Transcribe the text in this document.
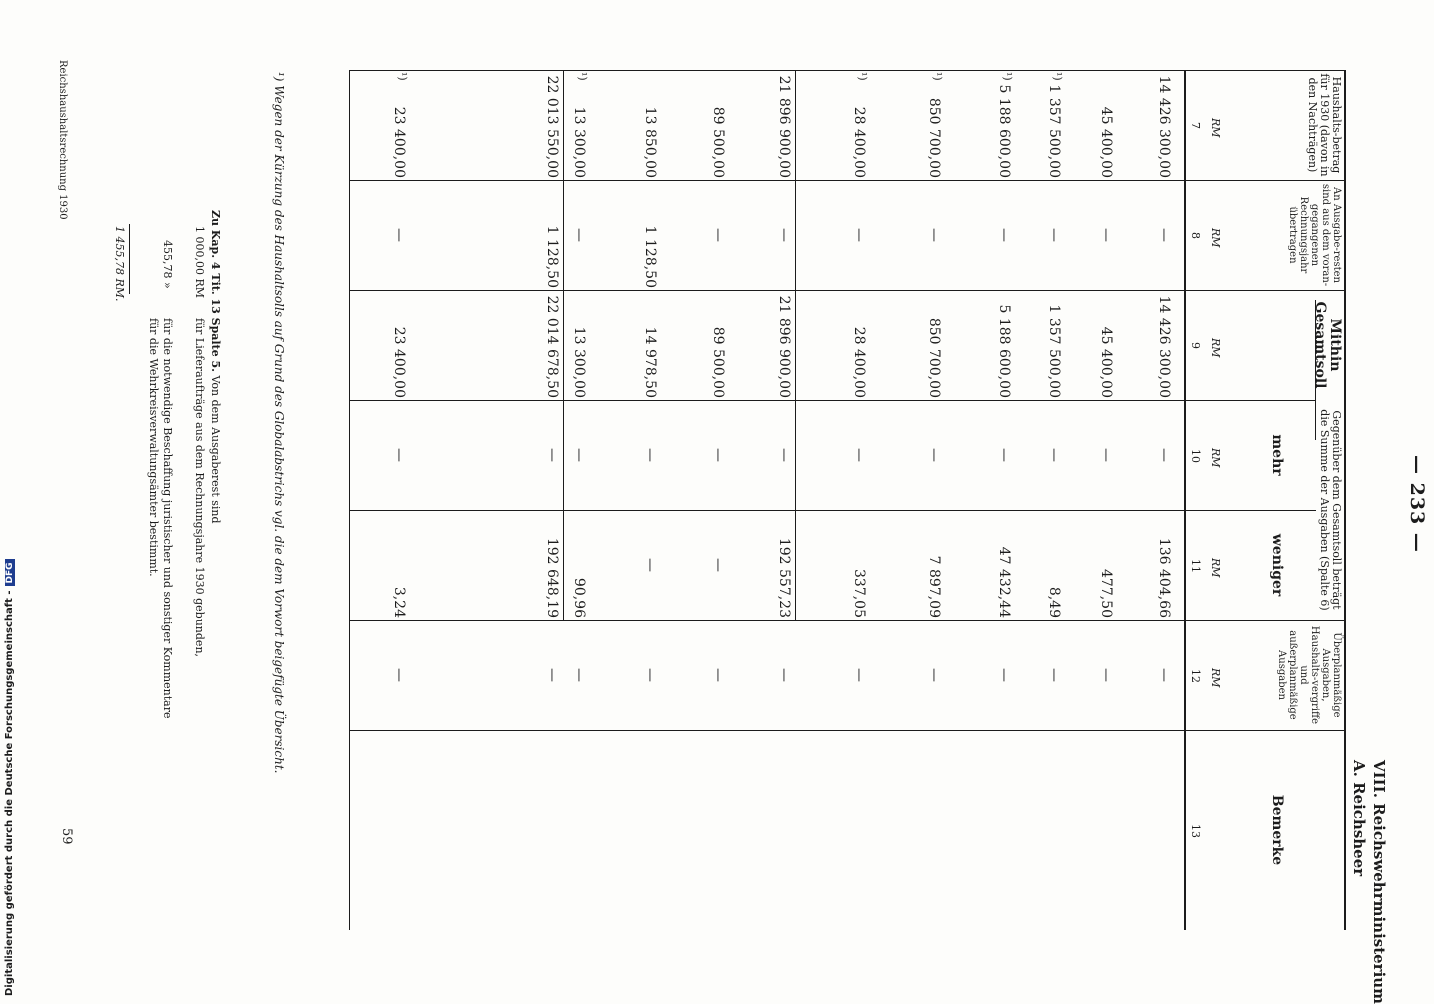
— 233 —
VIII. Reichswehrministerium
A. Reichsheer
Haushalts-betrag für 1930 (davon in den Nachträgen)
An Ausgabe-resten sind aus dem voran-gegangenen Rechnungsjahr übertragen
Mithin Gesamtsoll
Gegenüber dem Gesamtsoll beträgt die Summe der Ausgaben (Spalte 6)
mehr
weniger
Überplanmäßige Ausgaben, Haushalts-vergriffe und außerplanmäßige Ausgaben
Bemerke
RM
RM
RM
RM
RM
RM
7
8
9
10
11
12
13
14 426 300,00
—
14 426 300,00
—
136 404,66
—
45 400,00
—
45 400,00
—
477,50
—
¹)
1 357 500,00
—
1 357 500,00
—
8,49
—
¹)
5 188 600,00
—
5 188 600,00
—
47 432,44
—
¹)
850 700,00
—
850 700,00
—
7 897,09
—
¹)
28 400,00
—
28 400,00
—
337,05
—
21 896 900,00
—
21 896 900,00
—
192 557,23
—
89 500,00
—
89 500,00
—
—
—
13 850,00
1 128,50
14 978,50
—
—
—
¹)
13 300,00
—
13 300,00
—
90,96
—
22 013 550,00
1 128,50
22 014 678,50
—
192 648,19
—
¹)
23 400,00
—
23 400,00
—
3,24
—
¹) Wegen der Kürzung des Haushaltsolls auf Grund des Globalabstrichs vgl. die dem Vorwort beigefügte Übersicht.
Zu Kap. 4 Tit. 13 Spalte 5. Von dem Ausgaberest sind
1 000,00 RM
für Lieferaufträge aus dem Rechnungsjahre 1930 gebunden,
455,78 »
für die notwendige Beschaffung juristischer und sonstiger Kommentare für die Wehrkreisverwaltungsämter bestimmt.
1 455,78 RM.
Reichshaushaltsrechnung 1930
59
Digitalisierung gefördert durch die Deutsche Forschungsgemeinschaft -DFG
